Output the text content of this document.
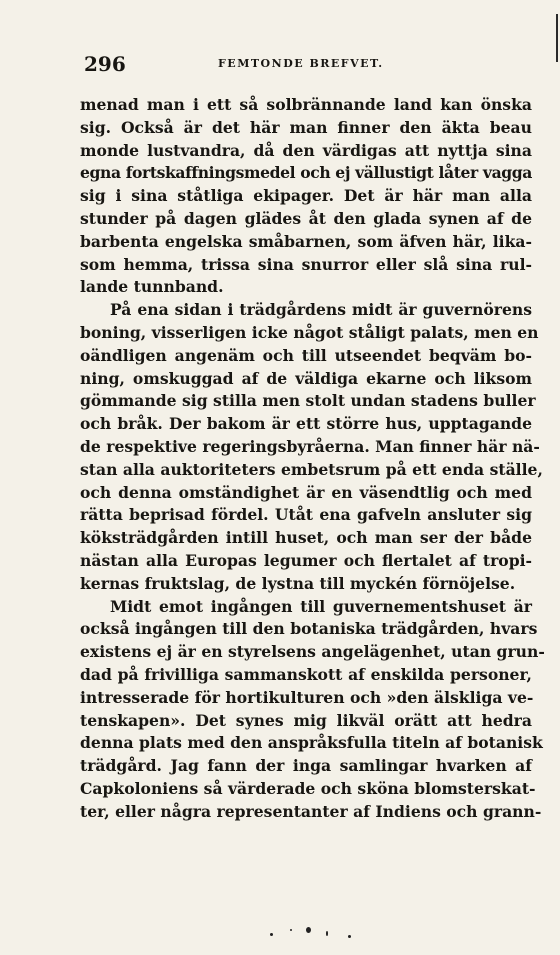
296	FEMTONDE BREFVET.
menad man i ett så solbrännande land kan önska
sig. Också är det här man finner den äkta beau
monde lustvandra, då den värdigas att nyttja sina
egna fortskaffningsmedel och ej vällustigt låter vagga
sig i sina ståtliga ekipager. Det är här man alla
stunder på dagen glädes åt den glada synen af de
barbenta engelska småbarnen, som äfven här, lika-
som hemma, trissa sina snurror eller slå sina rul-
lande tunnband.
På ena sidan i trädgårdens midt är guvernörens
boning, visserligen icke något ståligt palats, men en
oändligen angenäm och till utseendet beqväm bo-
ning, omskuggad af de väldiga ekarne och liksom
gömmande sig stilla men stolt undan stadens buller
och bråk. Der bakom är ett större hus, upptagande
de respektive regeringsbyråerna. Man finner här nä-
stan alla auktoriteters embetsrum på ett enda ställe,
och denna omständighet är en väsendtlig och med
rätta beprisad fördel. Utåt ena gafveln ansluter sig
köksträdgården intill huset, och man ser der både
nästan alla Europas legumer och flertalet af tropi-
kernas fruktslag, de lystna till myckén förnöjelse.
Midt emot ingången till guvernementshuset är
också ingången till den botaniska trädgården, hvars
existens ej är en styrelsens angelägenhet, utan grun-
dad på frivilliga sammanskott af enskilda personer,
intresserade för hortikulturen och »den älskliga ve-
tenskapen». Det synes mig likväl orätt att hedra
denna plats med den anspråksfulla titeln af botanisk
trädgård. Jag fann der inga samlingar hvarken af
Capkoloniens så värderade och sköna blomsterskat-
ter, eller några representanter af Indiens och grann-
